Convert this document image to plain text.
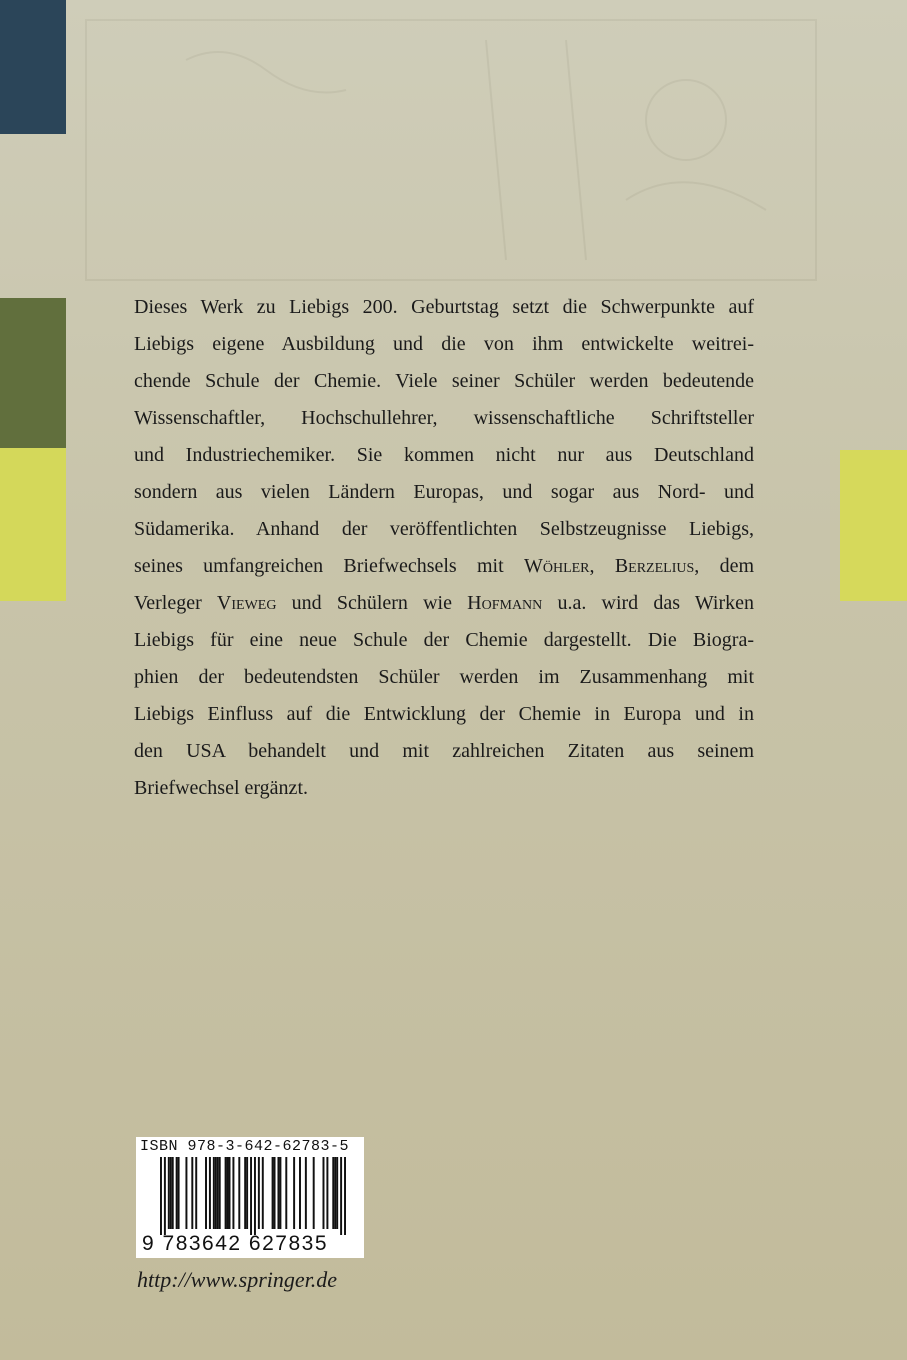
Dieses Werk zu Liebigs 200. Geburtstag setzt die Schwerpunkte auf
Liebigs eigene Ausbildung und die von ihm entwickelte weitrei-
chende Schule der Chemie. Viele seiner Schüler werden bedeutende
Wissenschaftler, Hochschullehrer, wissenschaftliche Schriftsteller
und Industriechemiker. Sie kommen nicht nur aus Deutschland
sondern aus vielen Ländern Europas, und sogar aus Nord- und
Südamerika. Anhand der veröffentlichten Selbstzeugnisse Liebigs,
seines umfangreichen Briefwechsels mit Wöhler, Berzelius, dem
Verleger Vieweg und Schülern wie Hofmann u.a. wird das Wirken
Liebigs für eine neue Schule der Chemie dargestellt. Die Biogra-
phien der bedeutendsten Schüler werden im Zusammenhang mit
Liebigs Einfluss auf die Entwicklung der Chemie in Europa und in
den USA behandelt und mit zahlreichen Zitaten aus seinem
Briefwechsel ergänzt.
ISBN 978-3-642-62783-5
9 783642 627835
http://www.springer.de
